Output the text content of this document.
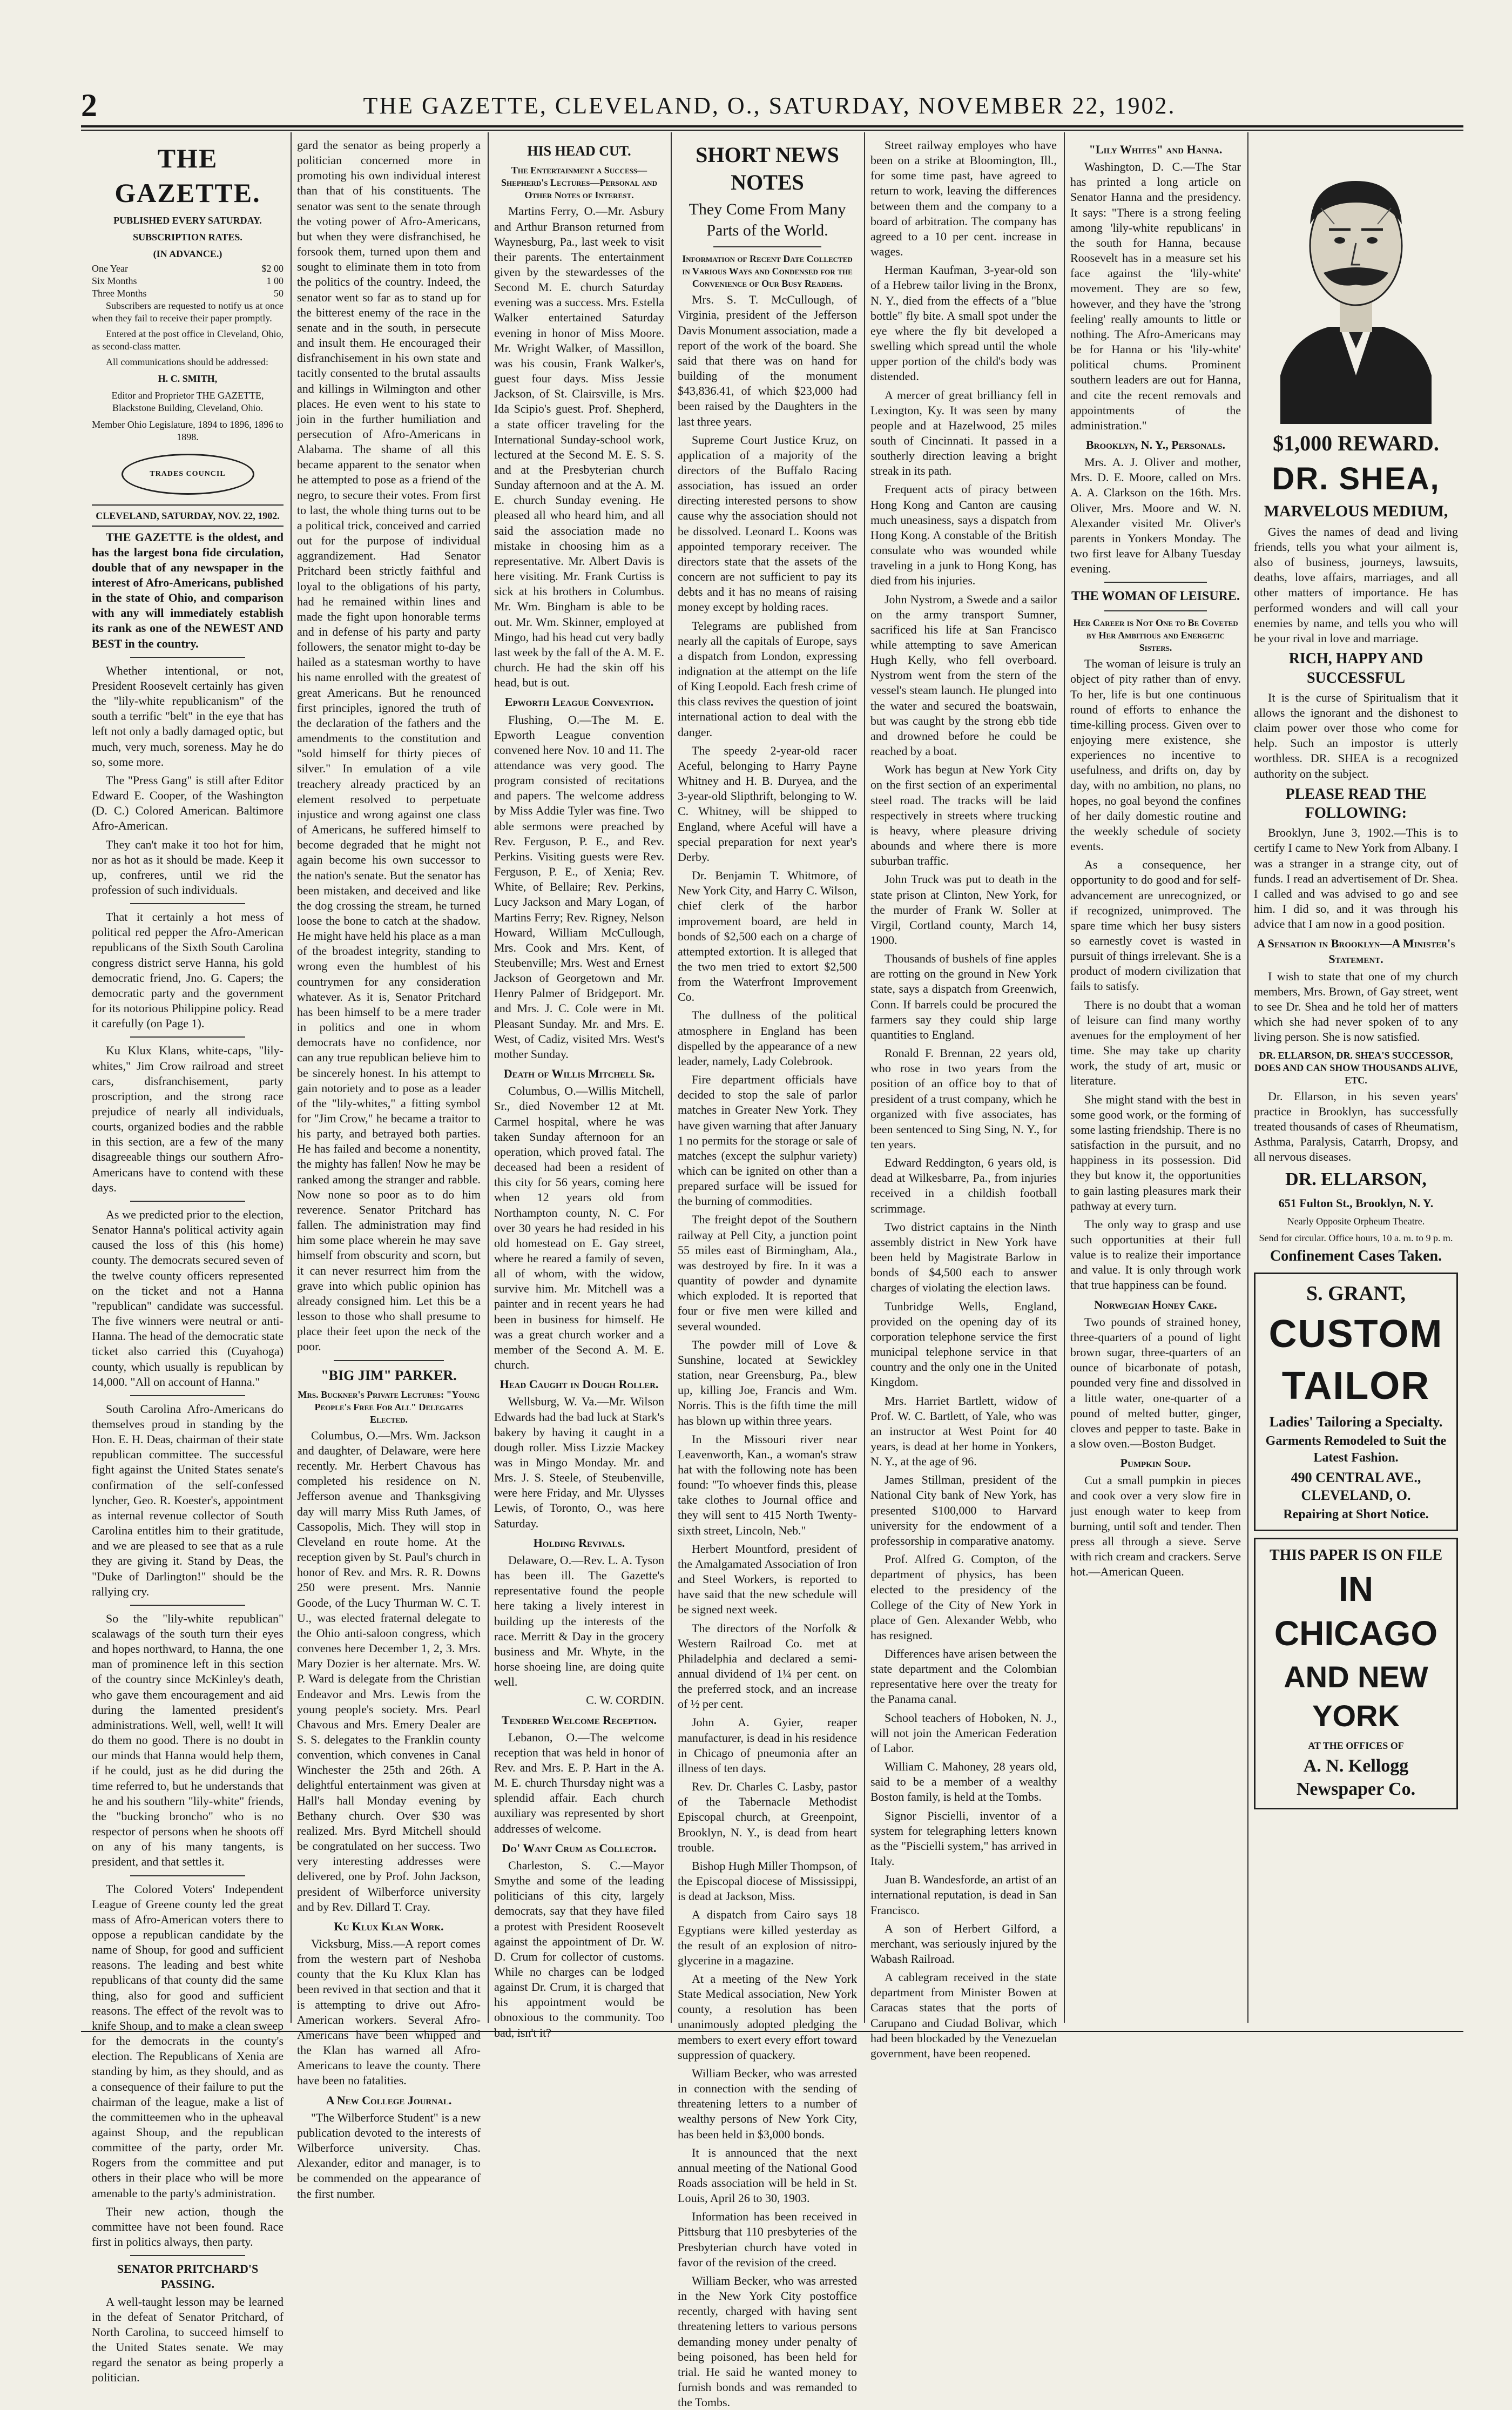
2	THE GAZETTE, CLEVELAND, O., SATURDAY, NOVEMBER 22, 1902.
THE GAZETTE.
PUBLISHED EVERY SATURDAY.
SUBSCRIPTION RATES.
(IN ADVANCE.)
One Year	$2 00
Six Months	1 00
Three Months	50

Subscribers are requested to notify us at once when they fail to receive their paper promptly.

Entered at the post office in Cleveland, Ohio, as second-class matter.

All communications should be addressed:

H. C. SMITH,
Editor and Proprietor THE GAZETTE, Blackstone Building, Cleveland, Ohio.
Member Ohio Legislature, 1894 to 1896, 1896 to 1898.
TRADES COUNCIL
CLEVELAND, SATURDAY, NOV. 22, 1902.

THE GAZETTE is the oldest, and has the largest bona fide circulation, double that of any newspaper in the interest of Afro-Americans, published in the state of Ohio, and comparison with any will immediately establish its rank as one of the NEWEST AND BEST in the country.

Whether intentional, or not, President Roosevelt certainly has given the "lily-white republicanism" of the south a terrific "belt" in the eye that has left not only a badly damaged optic, but much, very much, soreness. May he do so, some more.

The "Press Gang" is still after Editor Edward E. Cooper, of the Washington (D. C.) Colored American. Baltimore Afro-American.

They can't make it too hot for him, nor as hot as it should be made. Keep it up, confreres, until we rid the profession of such individuals.

That it certainly a hot mess of political red pepper the Afro-American republicans of the Sixth South Carolina congress district serve Hanna, his gold democratic friend, Jno. G. Capers; the democratic party and the government for its notorious Philippine policy. Read it carefully (on Page 1).

Ku Klux Klans, white-caps, "lily-whites," Jim Crow railroad and street cars, disfranchisement, party proscription, and the strong race prejudice of nearly all individuals, courts, organized bodies and the rabble in this section, are a few of the many disagreeable things our southern Afro-Americans have to contend with these days.

As we predicted prior to the election, Senator Hanna's political activity again caused the loss of this (his home) county. The democrats secured seven of the twelve county officers represented on the ticket and not a Hanna "republican" candidate was successful. The five winners were neutral or anti-Hanna. The head of the democratic state ticket also carried this (Cuyahoga) county, which usually is republican by 14,000. "All on account of Hanna."

South Carolina Afro-Americans do themselves proud in standing by the Hon. E. H. Deas, chairman of their state republican committee. The successful fight against the United States senate's confirmation of the self-confessed lyncher, Geo. R. Koester's, appointment as internal revenue collector of South Carolina entitles him to their gratitude, and we are pleased to see that as a rule they are giving it. Stand by Deas, the "Duke of Darlington!" should be the rallying cry.

So the "lily-white republican" scalawags of the south turn their eyes and hopes northward, to Hanna, the one man of prominence left in this section of the country since McKinley's death, who gave them encouragement and aid during the lamented president's administrations. Well, well, well! It will do them no good. There is no doubt in our minds that Hanna would help them, if he could, just as he did during the time referred to, but he understands that he and his southern "lily-white" friends, the "bucking broncho" who is no respector of persons when he shoots off on any of his many tangents, is president, and that settles it.

The Colored Voters' Independent League of Greene county led the great mass of Afro-American voters there to oppose a republican candidate by the name of Shoup, for good and sufficient reasons. The leading and best white republicans of that county did the same thing, also for good and sufficient reasons. The effect of the revolt was to knife Shoup, and to make a clean sweep for the democrats in the county's election. The Republicans of Xenia are standing by him, as they should, and as a consequence of their failure to put the chairman of the league, make a list of the committeemen who in the upheaval against Shoup, and the republican committee of the party, order Mr. Rogers from the committee and put others in their place who will be more amenable to the party's administration.

Their new action, though the committee have not been found. Race first in politics always, then party.

SENATOR PRITCHARD'S PASSING.

A well-taught lesson may be learned in the defeat of Senator Pritchard, of North Carolina, to succeed himself to the United States senate. We may regard the senator as being properly a politician.

gard the senator as being properly a politician concerned more in promoting his own individual interest than that of his constituents. The senator was sent to the senate through the voting power of Afro-Americans, but when they were disfranchised, he forsook them, turned upon them and sought to eliminate them in toto from the politics of the country. Indeed, the senator went so far as to stand up for the bitterest enemy of the race in the senate and in the south, in persecute and insult them. He encouraged their disfranchisement in his own state and tacitly consented to the brutal assaults and killings in Wilmington and other places. He even went to his state to join in the further humiliation and persecution of Afro-Americans in Alabama. The shame of all this became apparent to the senator when he attempted to pose as a friend of the negro, to secure their votes. From first to last, the whole thing turns out to be a political trick, conceived and carried out for the purpose of individual aggrandizement. Had Senator Pritchard been strictly faithful and loyal to the obligations of his party, had he remained within lines and made the fight upon honorable terms and in defense of his party and party followers, the senator might to-day be hailed as a statesman worthy to have his name enrolled with the greatest of great Americans. But he renounced first principles, ignored the truth of the declaration of the fathers and the amendments to the constitution and "sold himself for thirty pieces of silver." In emulation of a vile treachery already practiced by an element resolved to perpetuate injustice and wrong against one class of Americans, he suffered himself to become degraded that he might not again become his own successor to the nation's senate. But the senator has been mistaken, and deceived and like the dog crossing the stream, he turned loose the bone to catch at the shadow. He might have held his place as a man of the broadest integrity, standing to wrong even the humblest of his countrymen for any consideration whatever. As it is, Senator Pritchard has been himself to be a mere trader in politics and one in whom democrats have no confidence, nor can any true republican believe him to be sincerely honest. In his attempt to gain notoriety and to pose as a leader of the "lily-whites," a fitting symbol for "Jim Crow," he became a traitor to his party, and betrayed both parties. He has failed and become a nonentity, the mighty has fallen! Now he may be ranked among the stranger and rabble. Now none so poor as to do him reverence. Senator Pritchard has fallen. The administration may find him some place wherein he may save himself from obscurity and scorn, but it can never resurrect him from the grave into which public opinion has already consigned him. Let this be a lesson to those who shall presume to place their feet upon the neck of the poor.

"BIG JIM" PARKER.
Mrs. Buckner's Private Lectures: "Young People's Free For All" Delegates Elected.

Columbus, O.—Mrs. Wm. Jackson and daughter, of Delaware, were here recently. Mr. Herbert Chavous has completed his residence on N. Jefferson avenue and Thanksgiving day will marry Miss Ruth James, of Cassopolis, Mich. They will stop in Cleveland en route home. At the reception given by St. Paul's church in honor of Rev. and Mrs. R. R. Downs 250 were present. Mrs. Nannie Goode, of the Lucy Thurman W. C. T. U., was elected fraternal delegate to the Ohio anti-saloon congress, which convenes here December 1, 2, 3. Mrs. Mary Dozier is her alternate. Mrs. W. P. Ward is delegate from the Christian Endeavor and Mrs. Lewis from the young people's society. Mrs. Pearl Chavous and Mrs. Emery Dealer are S. S. delegates to the Franklin county convention, which convenes in Canal Winchester the 25th and 26th. A delightful entertainment was given at Hall's hall Monday evening by Bethany church. Over $30 was realized. Mrs. Byrd Mitchell should be congratulated on her success. Two very interesting addresses were delivered, one by Prof. John Jackson, president of Wilberforce university and by Rev. Dillard T. Cray.

Ku Klux Klan Work.

Vicksburg, Miss.—A report comes from the western part of Neshoba county that the Ku Klux Klan has been revived in that section and that it is attempting to drive out Afro-American workers. Several Afro-Americans have been whipped and the Klan has warned all Afro-Americans to leave the county. There have been no fatalities.

A New College Journal.

"The Wilberforce Student" is a new publication devoted to the interests of Wilberforce university. Chas. Alexander, editor and manager, is to be commended on the appearance of the first number.

HIS HEAD CUT.
The Entertainment a Success—Shepherd's Lectures—Personal and Other Notes of Interest.

Martins Ferry, O.—Mr. Asbury and Arthur Branson returned from Waynesburg, Pa., last week to visit their parents. The entertainment given by the stewardesses of the Second M. E. church Saturday evening was a success. Mrs. Estella Walker entertained Saturday evening in honor of Miss Moore. Mr. Wright Walker, of Massillon, was his cousin, Frank Walker's, guest four days. Miss Jessie Jackson, of St. Clairsville, is Mrs. Ida Scipio's guest. Prof. Shepherd, a state officer traveling for the International Sunday-school work, lectured at the Second M. E. S. S. and at the Presbyterian church Sunday afternoon and at the A. M. E. church Sunday evening. He pleased all who heard him, and all said the association made no mistake in choosing him as a representative. Mr. Albert Davis is here visiting. Mr. Frank Curtiss is sick at his brothers in Columbus. Mr. Wm. Bingham is able to be out. Mr. Wm. Skinner, employed at Mingo, had his head cut very badly last week by the fall of the A. M. E. church. He had the skin off his head, but is out.

Epworth League Convention.

Flushing, O.—The M. E. Epworth League convention convened here Nov. 10 and 11. The attendance was very good. The program consisted of recitations and papers. The welcome address by Miss Addie Tyler was fine. Two able sermons were preached by Rev. Ferguson, P. E., and Rev. Perkins. Visiting guests were Rev. Ferguson, P. E., of Xenia; Rev. White, of Bellaire; Rev. Perkins, Lucy Jackson and Mary Logan, of Martins Ferry; Rev. Rigney, Nelson Howard, William McCullough, Mrs. Cook and Mrs. Kent, of Steubenville; Mrs. West and Ernest Jackson of Georgetown and Mr. Henry Palmer of Bridgeport. Mr. and Mrs. J. C. Cole were in Mt. Pleasant Sunday. Mr. and Mrs. E. West, of Cadiz, visited Mrs. West's mother Sunday.

Death of Willis Mitchell Sr.

Columbus, O.—Willis Mitchell, Sr., died November 12 at Mt. Carmel hospital, where he was taken Sunday afternoon for an operation, which proved fatal. The deceased had been a resident of this city for 56 years, coming here when 12 years old from Northampton county, N. C. For over 30 years he had resided in his old homestead on E. Gay street, where he reared a family of seven, all of whom, with the widow, survive him. Mr. Mitchell was a painter and in recent years he had been in business for himself. He was a great church worker and a member of the Second A. M. E. church.

Head Caught in Dough Roller.

Wellsburg, W. Va.—Mr. Wilson Edwards had the bad luck at Stark's bakery by having it caught in a dough roller. Miss Lizzie Mackey was in Mingo Monday. Mr. and Mrs. J. S. Steele, of Steubenville, were here Friday, and Mr. Ulysses Lewis, of Toronto, O., was here Saturday.

Holding Revivals.

Delaware, O.—Rev. L. A. Tyson has been ill. The Gazette's representative found the people here taking a lively interest in building up the interests of the race. Merritt & Day in the grocery business and Mr. Whyte, in the horse shoeing line, are doing quite well.

C. W. CORDIN.
Tendered Welcome Reception.

Lebanon, O.—The welcome reception that was held in honor of Rev. and Mrs. E. P. Hart in the A. M. E. church Thursday night was a splendid affair. Each church auxiliary was represented by short addresses of welcome.

Do' Want Crum as Collector.

Charleston, S. C.—Mayor Smythe and some of the leading politicians of this city, largely democrats, say that they have filed a protest with President Roosevelt against the appointment of Dr. W. D. Crum for collector of customs. While no charges can be lodged against Dr. Crum, it is charged that his appointment would be obnoxious to the community. Too bad, isn't it?

SHORT NEWS NOTES
They Come From Many Parts of the World.
Information of Recent Date Collected in Various Ways and Condensed for the Convenience of Our Busy Readers.

Mrs. S. T. McCullough, of Virginia, president of the Jefferson Davis Monument association, made a report of the work of the board. She said that there was on hand for building of the monument $43,836.41, of which $23,000 had been raised by the Daughters in the last three years.

Supreme Court Justice Kruz, on application of a majority of the directors of the Buffalo Racing association, has issued an order directing interested persons to show cause why the association should not be dissolved. Leonard L. Koons was appointed temporary receiver. The directors state that the assets of the concern are not sufficient to pay its debts and it has no means of raising money except by holding races.

Telegrams are published from nearly all the capitals of Europe, says a dispatch from London, expressing indignation at the attempt on the life of King Leopold. Each fresh crime of this class revives the question of joint international action to deal with the danger.

The speedy 2-year-old racer Aceful, belonging to Harry Payne Whitney and H. B. Duryea, and the 3-year-old Slipthrift, belonging to W. C. Whitney, will be shipped to England, where Aceful will have a special preparation for next year's Derby.

Dr. Benjamin T. Whitmore, of New York City, and Harry C. Wilson, chief clerk of the harbor improvement board, are held in bonds of $2,500 each on a charge of attempted extortion. It is alleged that the two men tried to extort $2,500 from the Waterfront Improvement Co.

The dullness of the political atmosphere in England has been dispelled by the appearance of a new leader, namely, Lady Colebrook.

Fire department officials have decided to stop the sale of parlor matches in Greater New York. They have given warning that after January 1 no permits for the storage or sale of matches (except the sulphur variety) which can be ignited on other than a prepared surface will be issued for the burning of commodities.

The freight depot of the Southern railway at Pell City, a junction point 55 miles east of Birmingham, Ala., was destroyed by fire. In it was a quantity of powder and dynamite which exploded. It is reported that four or five men were killed and several wounded.

The powder mill of Love & Sunshine, located at Sewickley station, near Greensburg, Pa., blew up, killing Joe, Francis and Wm. Norris. This is the fifth time the mill has blown up within three years.

In the Missouri river near Leavenworth, Kan., a woman's straw hat with the following note has been found: "To whoever finds this, please take clothes to Journal office and they will sent to 415 North Twenty-sixth street, Lincoln, Neb."

Herbert Mountford, president of the Amalgamated Association of Iron and Steel Workers, is reported to have said that the new schedule will be signed next week.

The directors of the Norfolk & Western Railroad Co. met at Philadelphia and declared a semi-annual dividend of 1¼ per cent. on the preferred stock, and an increase of ½ per cent.

John A. Gyier, reaper manufacturer, is dead in his residence in Chicago of pneumonia after an illness of ten days.

Rev. Dr. Charles C. Lasby, pastor of the Tabernacle Methodist Episcopal church, at Greenpoint, Brooklyn, N. Y., is dead from heart trouble.

Bishop Hugh Miller Thompson, of the Episcopal diocese of Mississippi, is dead at Jackson, Miss.

A dispatch from Cairo says 18 Egyptians were killed yesterday as the result of an explosion of nitro-glycerine in a magazine.

At a meeting of the New York State Medical association, New York county, a resolution has been unanimously adopted pledging the members to exert every effort toward suppression of quackery.

William Becker, who was arrested in connection with the sending of threatening letters to a number of wealthy persons of New York City, has been held in $3,000 bonds.

It is announced that the next annual meeting of the National Good Roads association will be held in St. Louis, April 26 to 30, 1903.

Information has been received in Pittsburg that 110 presbyteries of the Presbyterian church have voted in favor of the revision of the creed.

William Becker, who was arrested in the New York City postoffice recently, charged with having sent threatening letters to various persons demanding money under penalty of being poisoned, has been held for trial. He said he wanted money to furnish bonds and was remanded to the Tombs.

Street railway employes who have been on a strike at Bloomington, Ill., for some time past, have agreed to return to work, leaving the differences between them and the company to a board of arbitration. The company has agreed to a 10 per cent. increase in wages.

Herman Kaufman, 3-year-old son of a Hebrew tailor living in the Bronx, N. Y., died from the effects of a "blue bottle" fly bite. A small spot under the eye where the fly bit developed a swelling which spread until the whole upper portion of the child's body was distended.

A mercer of great brilliancy fell in Lexington, Ky. It was seen by many people and at Hazelwood, 25 miles south of Cincinnati. It passed in a southerly direction leaving a bright streak in its path.

Frequent acts of piracy between Hong Kong and Canton are causing much uneasiness, says a dispatch from Hong Kong. A constable of the British consulate who was wounded while traveling in a junk to Hong Kong, has died from his injuries.

John Nystrom, a Swede and a sailor on the army transport Sumner, sacrificed his life at San Francisco while attempting to save American Hugh Kelly, who fell overboard. Nystrom went from the stern of the vessel's steam launch. He plunged into the water and secured the boatswain, but was caught by the strong ebb tide and drowned before he could be reached by a boat.

Work has begun at New York City on the first section of an experimental steel road. The tracks will be laid respectively in streets where trucking is heavy, where pleasure driving abounds and where there is more suburban traffic.

John Truck was put to death in the state prison at Clinton, New York, for the murder of Frank W. Soller at Virgil, Cortland county, March 14, 1900.

Thousands of bushels of fine apples are rotting on the ground in New York state, says a dispatch from Greenwich, Conn. If barrels could be procured the farmers say they could ship large quantities to England.

Ronald F. Brennan, 22 years old, who rose in two years from the position of an office boy to that of president of a trust company, which he organized with five associates, has been sentenced to Sing Sing, N. Y., for ten years.

Edward Reddington, 6 years old, is dead at Wilkesbarre, Pa., from injuries received in a childish football scrimmage.

Two district captains in the Ninth assembly district in New York have been held by Magistrate Barlow in bonds of $4,500 each to answer charges of violating the election laws.

Tunbridge Wells, England, provided on the opening day of its corporation telephone service the first municipal telephone service in that country and the only one in the United Kingdom.

Mrs. Harriet Bartlett, widow of Prof. W. C. Bartlett, of Yale, who was an instructor at West Point for 40 years, is dead at her home in Yonkers, N. Y., at the age of 96.

James Stillman, president of the National City bank of New York, has presented $100,000 to Harvard university for the endowment of a professorship in comparative anatomy.

Prof. Alfred G. Compton, of the department of physics, has been elected to the presidency of the College of the City of New York in place of Gen. Alexander Webb, who has resigned.

Differences have arisen between the state department and the Colombian representative here over the treaty for the Panama canal.

School teachers of Hoboken, N. J., will not join the American Federation of Labor.

William C. Mahoney, 28 years old, said to be a member of a wealthy Boston family, is held at the Tombs.

Signor Piscielli, inventor of a system for telegraphing letters known as the "Piscielli system," has arrived in Italy.

Juan B. Wandesforde, an artist of an international reputation, is dead in San Francisco.

A son of Herbert Gilford, a merchant, was seriously injured by the Wabash Railroad.

A cablegram received in the state department from Minister Bowen at Caracas states that the ports of Carupano and Ciudad Bolivar, which had been blockaded by the Venezuelan government, have been reopened.

"Lily Whites" and Hanna.

Washington, D. C.—The Star has printed a long article on Senator Hanna and the presidency. It says: "There is a strong feeling among 'lily-white republicans' in the south for Hanna, because Roosevelt has in a measure set his face against the 'lily-white' movement. They are so few, however, and they have the 'strong feeling' really amounts to little or nothing. The Afro-Americans may be for Hanna or his 'lily-white' political chums. Prominent southern leaders are out for Hanna, and cite the recent removals and appointments of the administration."

Brooklyn, N. Y., Personals.

Mrs. A. J. Oliver and mother, Mrs. D. E. Moore, called on Mrs. A. A. Clarkson on the 16th. Mrs. Oliver, Mrs. Moore and W. N. Alexander visited Mr. Oliver's parents in Yonkers Monday. The two first leave for Albany Tuesday evening.

THE WOMAN OF LEISURE.
Her Career is Not One to Be Coveted by Her Ambitious and Energetic Sisters.

The woman of leisure is truly an object of pity rather than of envy. To her, life is but one continuous round of efforts to enhance the time-killing process. Given over to enjoying mere existence, she experiences no incentive to usefulness, and drifts on, day by day, with no ambition, no plans, no hopes, no goal beyond the confines of her daily domestic routine and the weekly schedule of society events.

As a consequence, her opportunity to do good and for self-advancement are unrecognized, or if recognized, unimproved. The spare time which her busy sisters so earnestly covet is wasted in pursuit of things irrelevant. She is a product of modern civilization that fails to satisfy.

There is no doubt that a woman of leisure can find many worthy avenues for the employment of her time. She may take up charity work, the study of art, music or literature.

She might stand with the best in some good work, or the forming of some lasting friendship. There is no satisfaction in the pursuit, and no happiness in its possession. Did they but know it, the opportunities to gain lasting pleasures mark their pathway at every turn.

The only way to grasp and use such opportunities at their full value is to realize their importance and value. It is only through work that true happiness can be found.

Norwegian Honey Cake.

Two pounds of strained honey, three-quarters of a pound of light brown sugar, three-quarters of an ounce of bicarbonate of potash, pounded very fine and dissolved in a little water, one-quarter of a pound of melted butter, ginger, cloves and pepper to taste. Bake in a slow oven.—Boston Budget.

Pumpkin Soup.

Cut a small pumpkin in pieces and cook over a very slow fire in just enough water to keep from burning, until soft and tender. Then press all through a sieve. Serve with rich cream and crackers. Serve hot.—American Queen.

$1,000 REWARD.
DR. SHEA,
MARVELOUS MEDIUM,

Gives the names of dead and living friends, tells you what your ailment is, also of business, journeys, lawsuits, deaths, love affairs, marriages, and all other matters of importance. He has performed wonders and will call your enemies by name, and tells you who will be your rival in love and marriage.

RICH, HAPPY AND SUCCESSFUL

It is the curse of Spiritualism that it allows the ignorant and the dishonest to claim power over those who come for help. Such an impostor is utterly worthless. DR. SHEA is a recognized authority on the subject.

PLEASE READ THE FOLLOWING:

Brooklyn, June 3, 1902.—This is to certify I came to New York from Albany. I was a stranger in a strange city, out of funds. I read an advertisement of Dr. Shea. I called and was advised to go and see him. I did so, and it was through his advice that I am now in a good position.

A Sensation in Brooklyn—A Minister's Statement.

I wish to state that one of my church members, Mrs. Brown, of Gay street, went to see Dr. Shea and he told her of matters which she had never spoken of to any living person. She is now satisfied.

DR. ELLARSON, DR. SHEA'S SUCCESSOR, DOES AND CAN SHOW THOUSANDS ALIVE, ETC.

Dr. Ellarson, in his seven years' practice in Brooklyn, has successfully treated thousands of cases of Rheumatism, Asthma, Paralysis, Catarrh, Dropsy, and all nervous diseases.

DR. ELLARSON,
651 Fulton St., Brooklyn, N. Y.
Nearly Opposite Orpheum Theatre.
Send for circular. Office hours, 10 a. m. to 9 p. m.
Confinement Cases Taken.
S. GRANT,
CUSTOM
TAILOR
Ladies' Tailoring a Specialty.
Garments Remodeled to Suit the Latest Fashion.
490 CENTRAL AVE., CLEVELAND, O.
Repairing at Short Notice.
THIS PAPER IS ON FILE
IN CHICAGO
AND NEW YORK
AT THE OFFICES OF
A. N. Kellogg Newspaper Co.
